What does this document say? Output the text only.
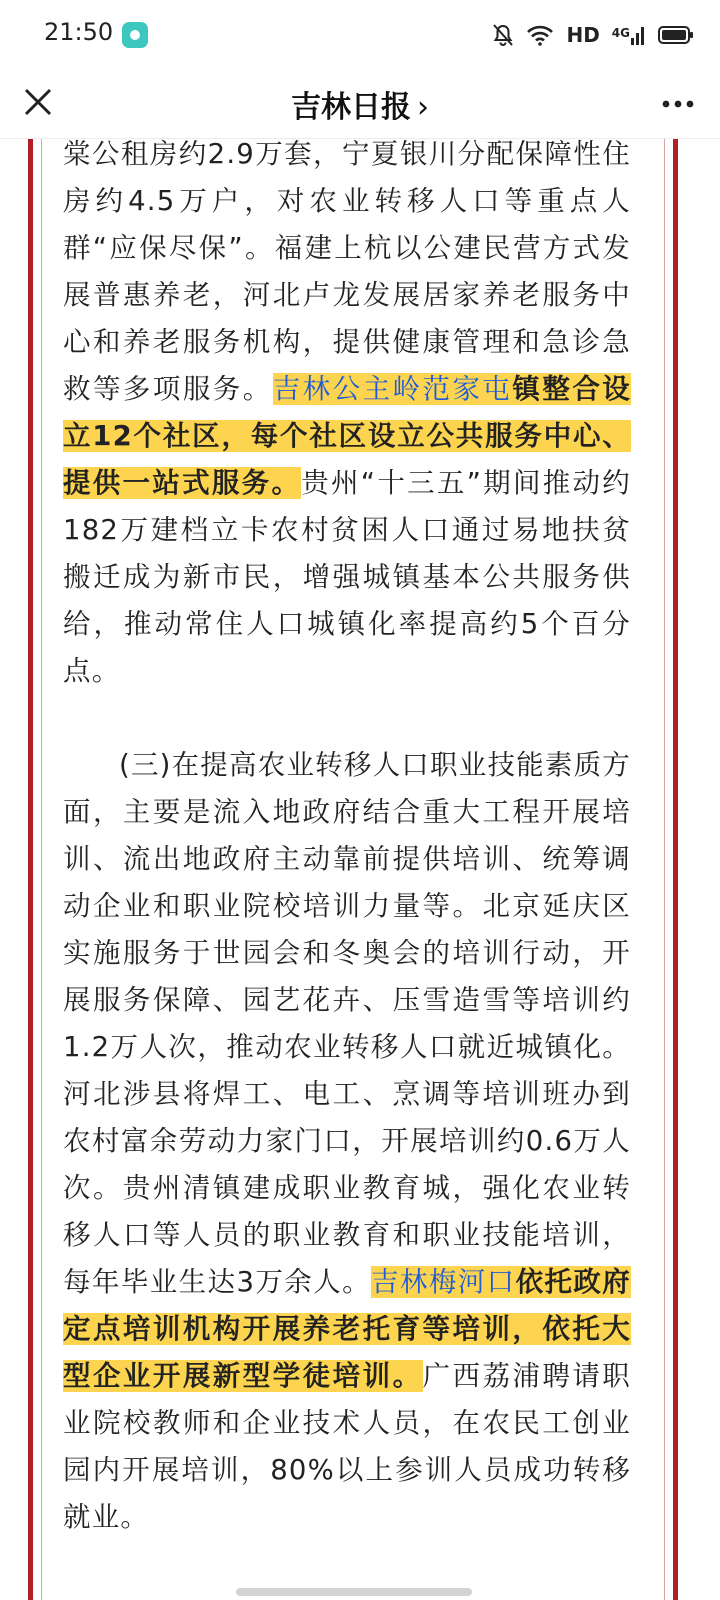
21:50	HD 4G
吉林日报 ›

棠公租房约2.9万套，宁夏银川分配保障性住房约4.5万户，对农业转移人口等重点人群“应保尽保”。福建上杭以公建民营方式发展普惠养老，河北卢龙发展居家养老服务中心和养老服务机构，提供健康管理和急诊急救等多项服务。吉林公主岭范家屯镇整合设立12个社区，每个社区设立公共服务中心、提供一站式服务。贵州“十三五”期间推动约182万建档立卡农村贫困人口通过易地扶贫搬迁成为新市民，增强城镇基本公共服务供给，推动常住人口城镇化率提高约5个百分点。

(三)在提高农业转移人口职业技能素质方面，主要是流入地政府结合重大工程开展培训、流出地政府主动靠前提供培训、统筹调动企业和职业院校培训力量等。北京延庆区实施服务于世园会和冬奥会的培训行动，开展服务保障、园艺花卉、压雪造雪等培训约1.2万人次，推动农业转移人口就近城镇化。河北涉县将焊工、电工、烹调等培训班办到农村富余劳动力家门口，开展培训约0.6万人次。贵州清镇建成职业教育城，强化农业转移人口等人员的职业教育和职业技能培训，每年毕业生达3万余人。吉林梅河口依托政府定点培训机构开展养老托育等培训，依托大型企业开展新型学徒培训。广西荔浦聘请职业院校教师和企业技术人员，在农民工创业园内开展培训，80%以上参训人员成功转移就业。
